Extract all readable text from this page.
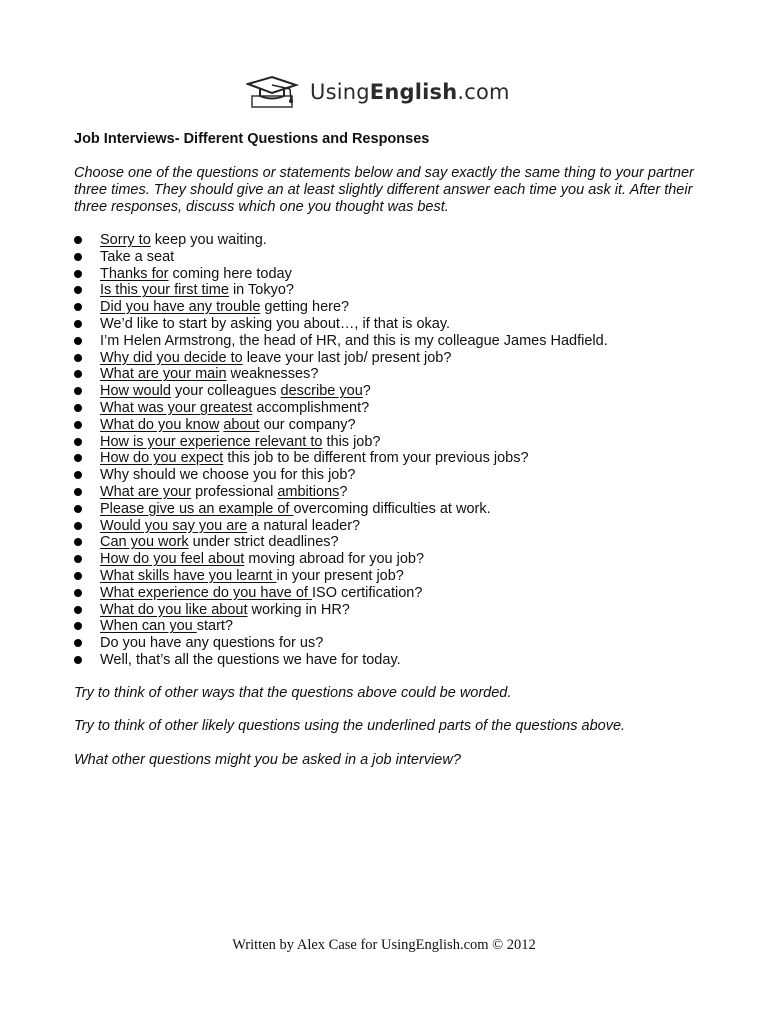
UsingEnglish.com
Job Interviews- Different Questions and Responses

Choose one of the questions or statements below and say exactly the same thing to your partner three times. They should give an at least slightly different answer each time you ask it. After their three responses, discuss which one you thought was best.

Sorry to keep you waiting.
Take a seat
Thanks for coming here today
Is this your first time in Tokyo?
Did you have any trouble getting here?
We’d like to start by asking you about…, if that is okay.
I’m Helen Armstrong, the head of HR, and this is my colleague James Hadfield.
Why did you decide to leave your last job/ present job?
What are your main weaknesses?
How would your colleagues describe you?
What was your greatest accomplishment?
What do you know about our company?
How is your experience relevant to this job?
How do you expect this job to be different from your previous jobs?
Why should we choose you for this job?
What are your professional ambitions?
Please give us an example of overcoming difficulties at work.
Would you say you are a natural leader?
Can you work under strict deadlines?
How do you feel about moving abroad for you job?
What skills have you learnt in your present job?
What experience do you have of ISO certification?
What do you like about working in HR?
When can you start?
Do you have any questions for us?
Well, that’s all the questions we have for today.

Try to think of other ways that the questions above could be worded.

Try to think of other likely questions using the underlined parts of the questions above.

What other questions might you be asked in a job interview?

Written by Alex Case for UsingEnglish.com © 2012
